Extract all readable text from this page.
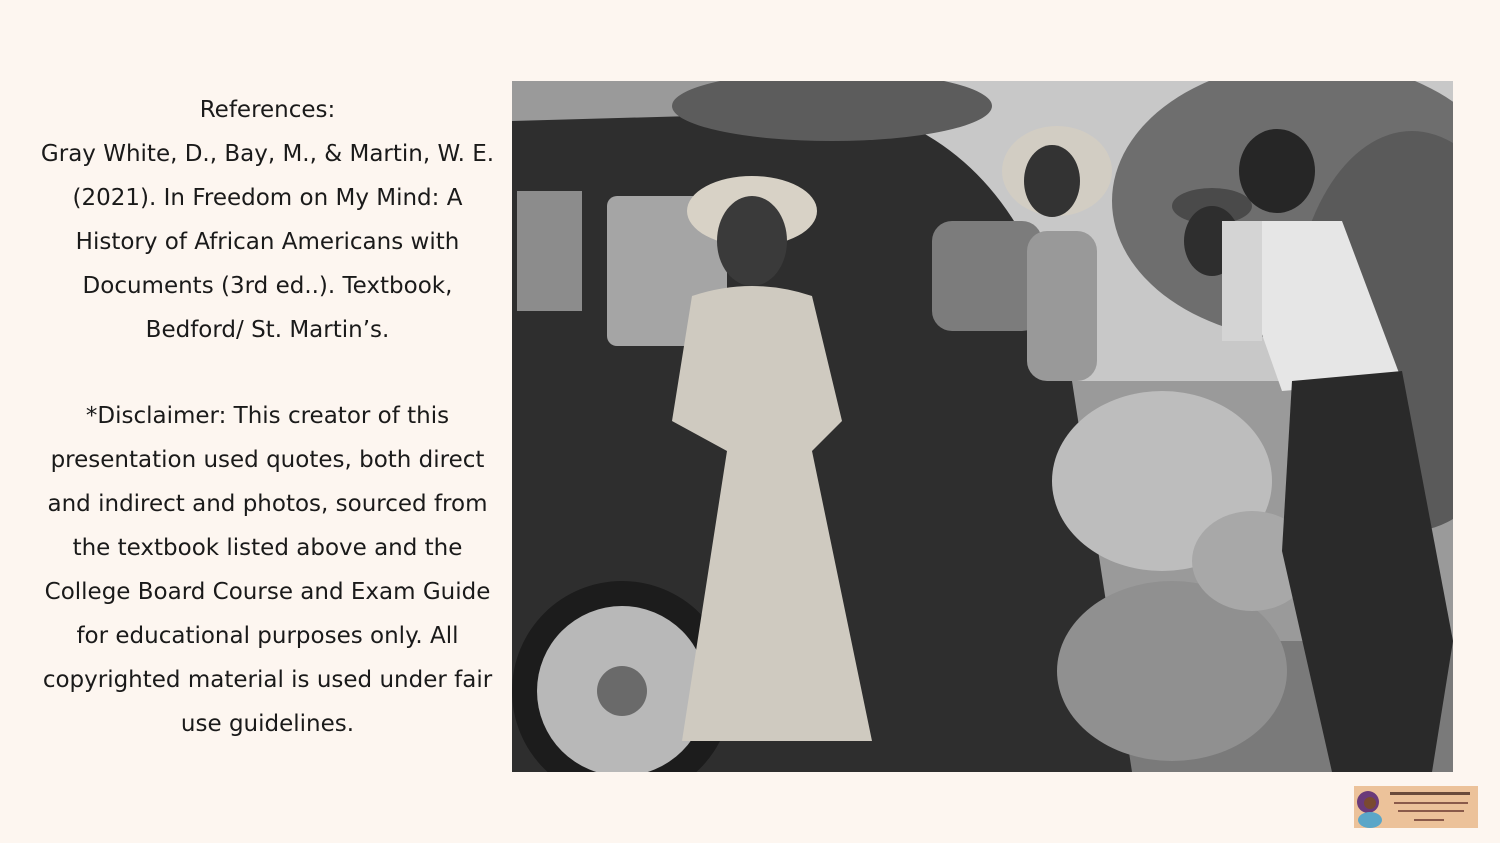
References:

Gray White, D., Bay, M., & Martin, W. E. (2021). In Freedom on My Mind: A History of African Americans with Documents (3rd ed..). Textbook, Bedford/ St. Martin’s.

*Disclaimer: This creator of this presentation used quotes, both direct and indirect and photos, sourced from the textbook listed above and the College Board Course and Exam Guide for educational purposes only. All copyrighted material is used under fair use guidelines.
